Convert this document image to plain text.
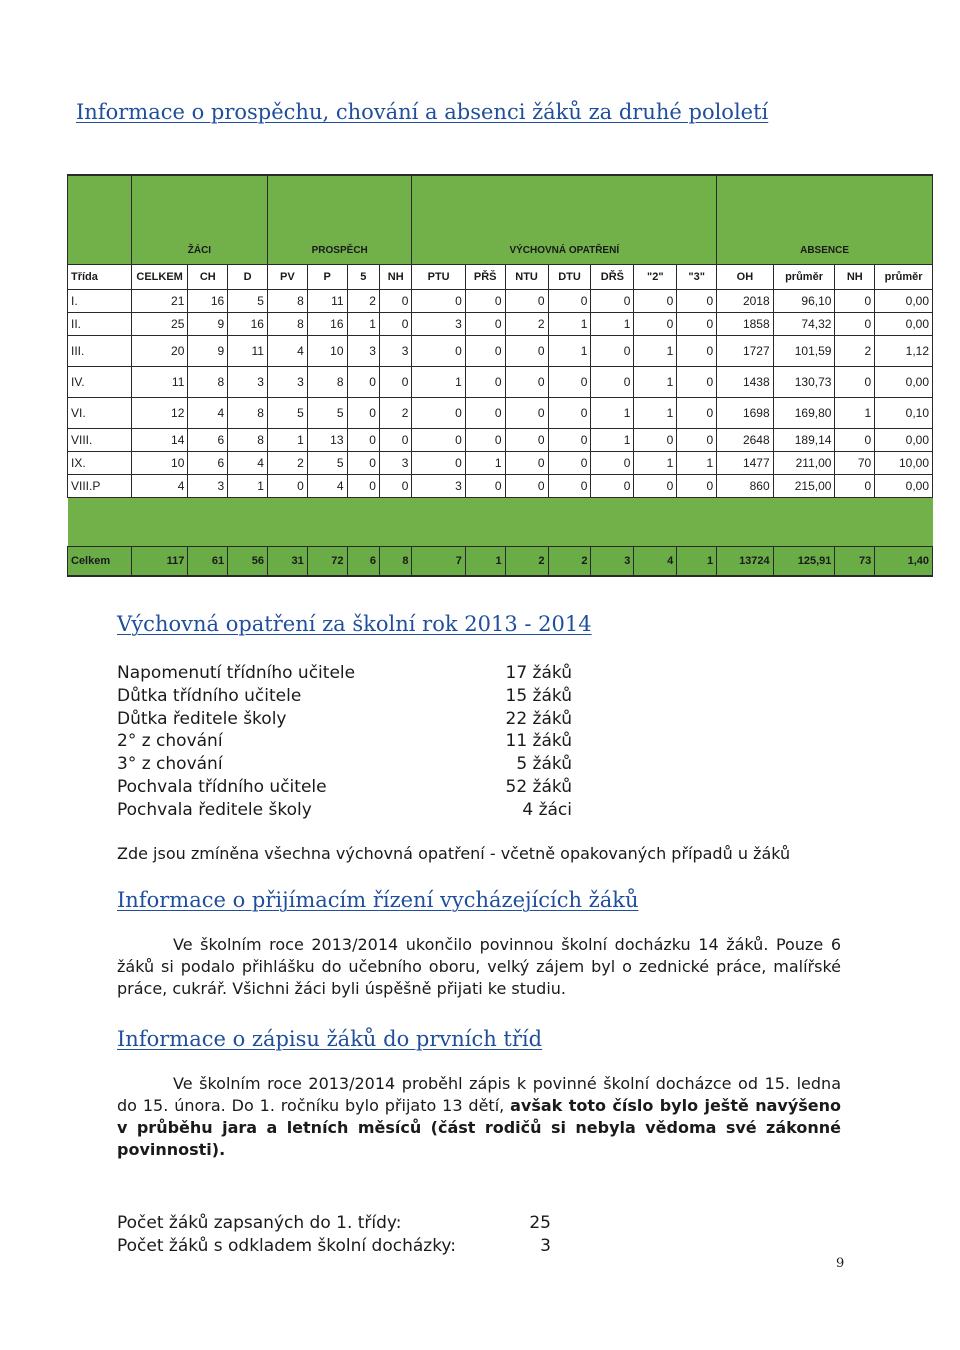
Informace o prospěchu, chování a absenci žáků za druhé pololetí
	ŽÁCI			PROSPĚCH				VÝCHOVNÁ OPATŘENÍ							ABSENCE			
Třída	CELKEM	CH	D	PV	P	5	NH	PTU	PŘŠ	NTU	DTU	DŘŠ	"2"	"3"	OH	průměr	NH	průměr
I.	21	16	5	8	11	2	0	0	0	0	0	0	0	0	2018	96,10	0	0,00
II.	25	9	16	8	16	1	0	3	0	2	1	1	0	0	1858	74,32	0	0,00
III.	20	9	11	4	10	3	3	0	0	0	1	0	1	0	1727	101,59	2	1,12
IV.	11	8	3	3	8	0	0	1	0	0	0	0	1	0	1438	130,73	0	0,00
VI.	12	4	8	5	5	0	2	0	0	0	0	1	1	0	1698	169,80	1	0,10
VIII.	14	6	8	1	13	0	0	0	0	0	0	1	0	0	2648	189,14	0	0,00
IX.	10	6	4	2	5	0	3	0	1	0	0	0	1	1	1477	211,00	70	10,00
VIII.P	4	3	1	0	4	0	0	3	0	0	0	0	0	0	860	215,00	0	0,00

Celkem	117	61	56	31	72	6	8	7	1	2	2	3	4	1	13724	125,91	73	1,40
Výchovná opatření za školní rok 2013 - 2014
Napomenutí třídního učitele	17 žáků
Důtka třídního učitele	15 žáků
Důtka ředitele školy	22 žáků
2° z chování	11 žáků
3° z chování	5 žáků
Pochvala třídního učitele	52 žáků
Pochvala ředitele školy	4 žáci

Zde jsou zmíněna všechna výchovná opatření - včetně opakovaných případů u žáků

Informace o přijímacím řízení vycházejících žáků

Ve školním roce 2013/2014 ukončilo povinnou školní docházku 14 žáků. Pouze 6 žáků si podalo přihlášku do učebního oboru, velký zájem byl o zednické práce, malířské práce, cukrář. Všichni žáci byli úspěšně přijati ke studiu.

Informace o zápisu žáků do prvních tříd

Ve školním roce 2013/2014 proběhl zápis k povinné školní docházce od 15. ledna do 15. února. Do 1. ročníku bylo přijato 13 dětí, avšak toto číslo bylo ještě navýšeno v průběhu jara a letních měsíců (část rodičů si nebyla vědoma své zákonné povinnosti).

Počet žáků zapsaných do 1. třídy:	25
Počet žáků s odkladem školní docházky:	3
9
